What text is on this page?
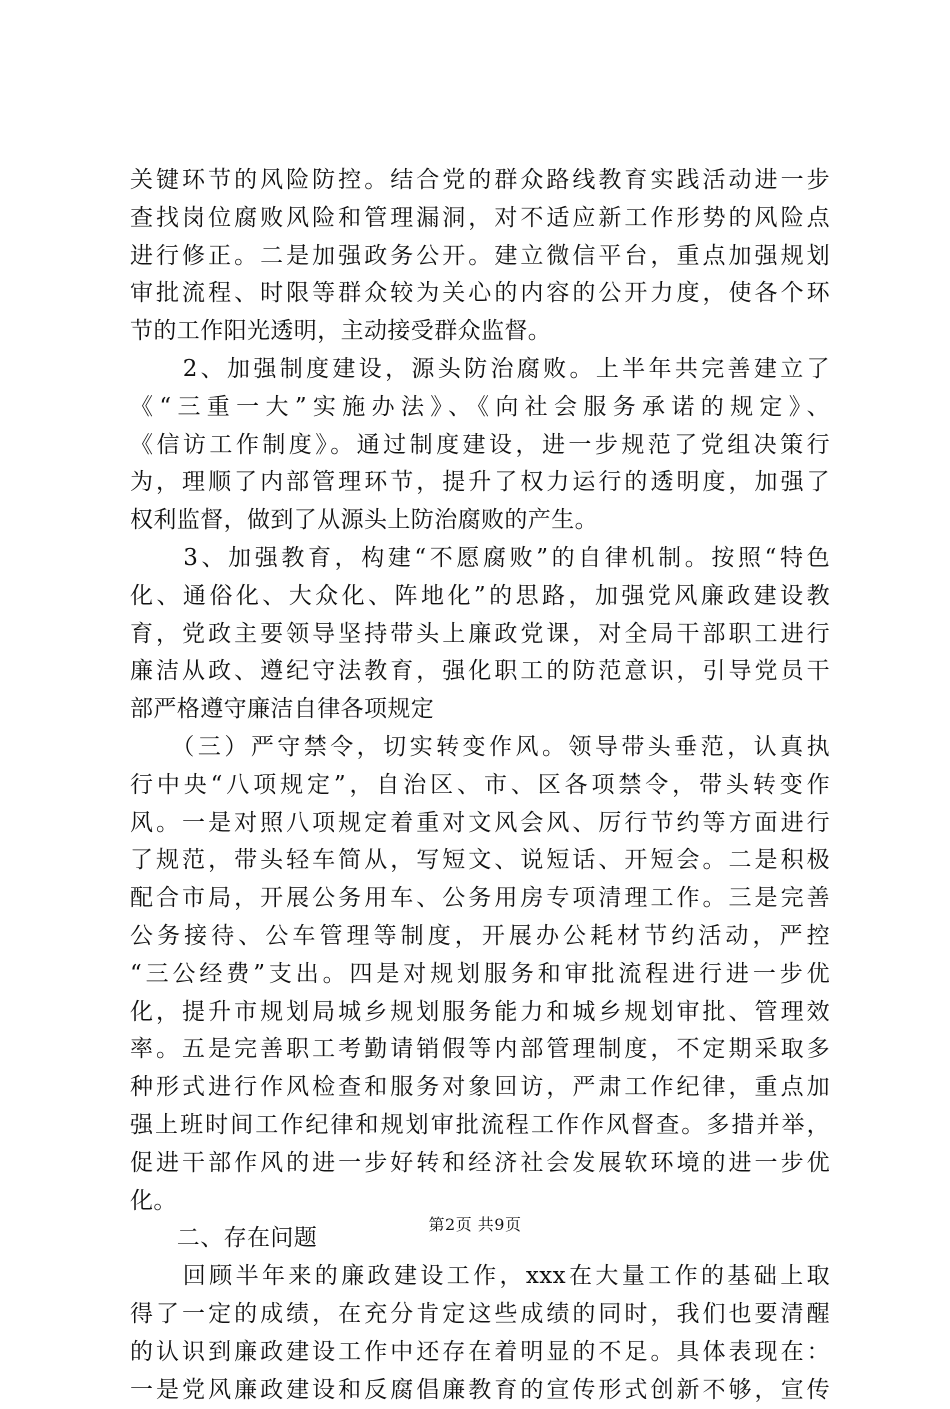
关键环节的风险防控。结合党的群众路线教育实践活动进一步
查找岗位腐败风险和管理漏洞，对不适应新工作形势的风险点
进行修正。二是加强政务公开。建立微信平台，重点加强规划
审批流程、时限等群众较为关心的内容的公开力度，使各个环
节的工作阳光透明，主动接受群众监督。
　　2、加强制度建设，源头防治腐败。上半年共完善建立了
《“三重一大”实施办法》、《向社会服务承诺的规定》、
《信访工作制度》。通过制度建设，进一步规范了党组决策行
为，理顺了内部管理环节，提升了权力运行的透明度，加强了
权利监督，做到了从源头上防治腐败的产生。
　　3、加强教育，构建“不愿腐败”的自律机制。按照“特色
化、通俗化、大众化、阵地化”的思路，加强党风廉政建设教
育，党政主要领导坚持带头上廉政党课，对全局干部职工进行
廉洁从政、遵纪守法教育，强化职工的防范意识，引导党员干
部严格遵守廉洁自律各项规定
　　（三）严守禁令，切实转变作风。领导带头垂范，认真执
行中央“八项规定”，自治区、市、区各项禁令，带头转变作
风。一是对照八项规定着重对文风会风、厉行节约等方面进行
了规范，带头轻车简从，写短文、说短话、开短会。二是积极
配合市局，开展公务用车、公务用房专项清理工作。三是完善
公务接待、公车管理等制度，开展办公耗材节约活动，严控
“三公经费”支出。四是对规划服务和审批流程进行进一步优
化，提升市规划局城乡规划服务能力和城乡规划审批、管理效
率。五是完善职工考勤请销假等内部管理制度，不定期采取多
种形式进行作风检查和服务对象回访，严肃工作纪律，重点加
强上班时间工作纪律和规划审批流程工作作风督查。多措并举，
促进干部作风的进一步好转和经济社会发展软环境的进一步优
化。
　　二、存在问题
　　回顾半年来的廉政建设工作，xxx在大量工作的基础上取
得了一定的成绩，在充分肯定这些成绩的同时，我们也要清醒
的认识到廉政建设工作中还存在着明显的不足。具体表现在：
一是党风廉政建设和反腐倡廉教育的宣传形式创新不够，宣传
第2页 共9页
